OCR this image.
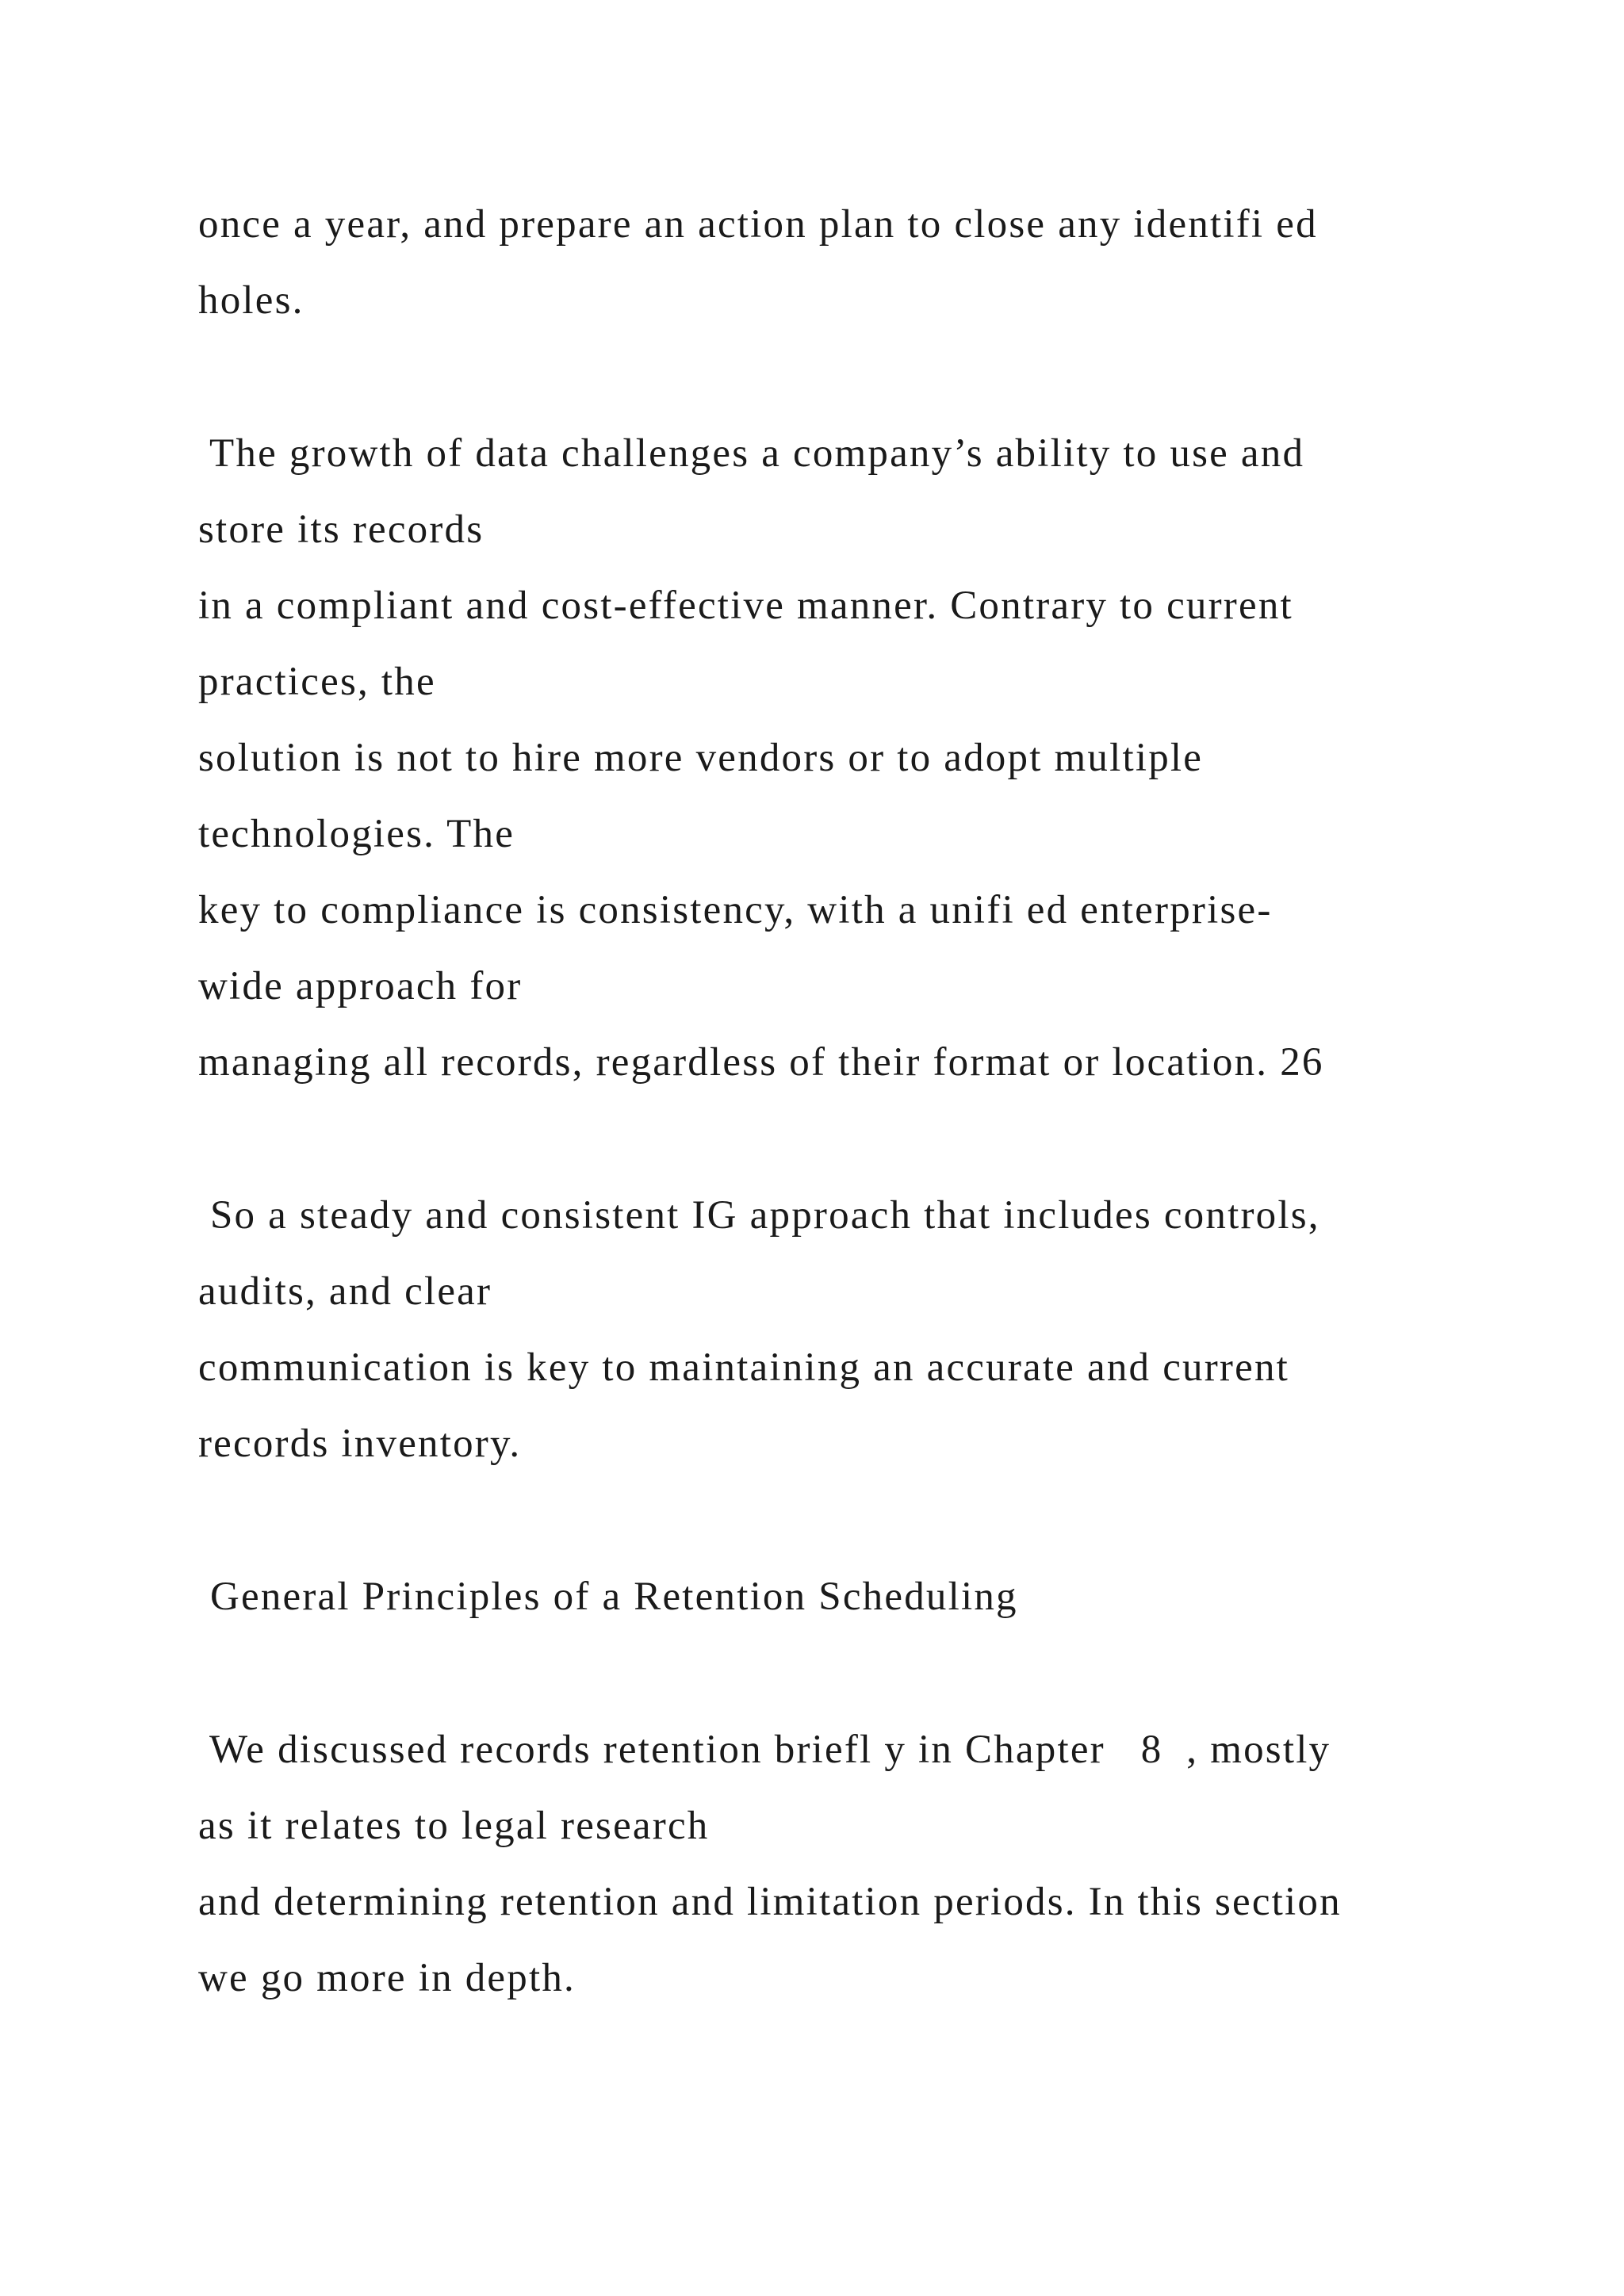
once a year, and prepare an action plan to close any identifi ed
holes.
The growth of data challenges a company’s ability to use and
store its records
in a compliant and cost-effective manner. Contrary to current
practices, the
solution is not to hire more vendors or to adopt multiple
technologies. The
key to compliance is consistency, with a unifi ed enterprise-
wide approach for
managing all records, regardless of their format or location. 26
So a steady and consistent IG approach that includes controls,
audits, and clear
communication is key to maintaining an accurate and current
records inventory.
General Principles of a Retention Scheduling
We discussed records retention briefl y in Chapter   8  , mostly
as it relates to legal research
and determining retention and limitation periods. In this section
we go more in depth.
